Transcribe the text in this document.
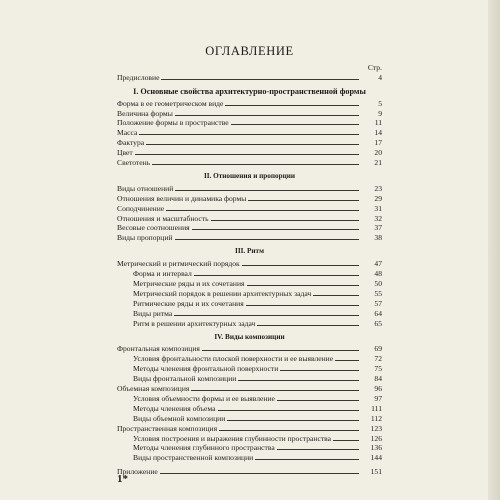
ОГЛАВЛЕНИЕ
Стр.
Предисловие	4
I. Основные свойства архитектурно-пространственной формы
Форма в ее геометрическом виде	5
Величина формы	9
Положение формы в пространстве	11
Масса	14
Фактура	17
Цвет	20
Светотень	21
II. Отношения и пропорции
Виды отношений	23
Отношения величин и динамика формы	29
Соподчинение	31
Отношения и масштабность	32
Весовые соотношения	37
Виды пропорций	38
III. Ритм
Метрический и ритмический порядок	47
Форма и интервал	48
Метрические ряды и их сочетания	50
Метрический порядок в решении архитектурных задач	55
Ритмические ряды и их сочетания	57
Виды ритма	64
Ритм в решении архитектурных задач	65
IV. Виды композиции
Фронтальная композиция	69
Условия фронтальности плоской поверхности и ее выявление	72
Методы членения фронтальной поверхности	75
Виды фронтальной композиции	84
Объемная композиция	96
Условия объемности формы и ее выявление	97
Методы членения объема	111
Виды объемной композиции	112
Пространственная композиция	123
Условия построения и выражения глубинности пространства	126
Методы членения глубинного пространства	136
Виды пространственной композиции	144
Приложение	151
1*
